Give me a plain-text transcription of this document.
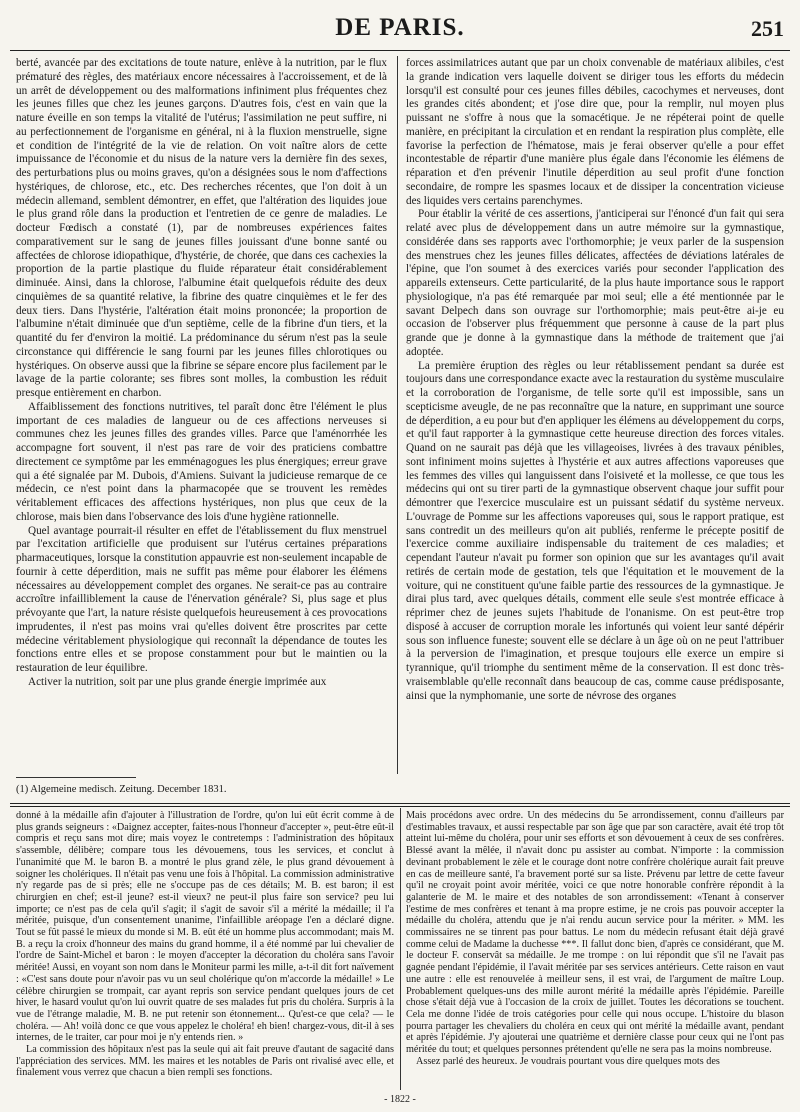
DE PARIS.	251

berté, avancée par des excitations de toute nature, enlève à la nutrition, par le flux prématuré des règles, des matériaux encore nécessaires à l'accroissement, et de là un arrêt de développement ou des malformations infiniment plus fréquentes chez les jeunes filles que chez les jeunes garçons. D'autres fois, c'est en vain que la nature éveille en son temps la vitalité de l'utérus; l'assimilation ne peut suffire, ni au perfectionnement de l'organisme en général, ni à la fluxion menstruelle, signe et condition de l'intégrité de la vie de relation. On voit naître alors de cette impuissance de l'économie et du nisus de la nature vers la dernière fin des sexes, des perturbations plus ou moins graves, qu'on a désignées sous le nom d'affections hystériques, de chlorose, etc., etc. Des recherches récentes, que l'on doit à un médecin allemand, semblent démontrer, en effet, que l'altération des liquides joue le plus grand rôle dans la production et l'entretien de ce genre de maladies. Le docteur Fœdisch a constaté (1), par de nombreuses expériences faites comparativement sur le sang de jeunes filles jouissant d'une bonne santé ou affectées de chlorose idiopathique, d'hystérie, de chorée, que dans ces cachexies la proportion de la partie plastique du fluide réparateur était considérablement diminuée. Ainsi, dans la chlorose, l'albumine était quelquefois réduite des deux cinquièmes de sa quantité relative, la fibrine des quatre cinquièmes et le fer des deux tiers. Dans l'hystérie, l'altération était moins prononcée; la proportion de l'albumine n'était diminuée que d'un septième, celle de la fibrine d'un tiers, et la quantité du fer d'environ la moitié. La prédominance du sérum n'est pas la seule circonstance qui différencie le sang fourni par les jeunes filles chlorotiques ou hystériques. On observe aussi que la fibrine se sépare encore plus facilement par le lavage de la partie colorante; ses fibres sont molles, la combustion les réduit presque entièrement en charbon.

Affaiblissement des fonctions nutritives, tel paraît donc être l'élément le plus important de ces maladies de langueur ou de ces affections nerveuses si communes chez les jeunes filles des grandes villes. Parce que l'aménorrhée les accompagne fort souvent, il n'est pas rare de voir des praticiens combattre directement ce symptôme par les emménagogues les plus énergiques; erreur grave qui a été signalée par M. Dubois, d'Amiens. Suivant la judicieuse remarque de ce médecin, ce n'est point dans la pharmacopée que se trouvent les remèdes véritablement efficaces des affections hystériques, non plus que ceux de la chlorose, mais bien dans l'observance des lois d'une hygiène rationnelle.

Quel avantage pourrait-il résulter en effet de l'établissement du flux menstruel par l'excitation artificielle que produisent sur l'utérus certaines préparations pharmaceutiques, lorsque la constitution appauvrie est non-seulement incapable de fournir à cette déperdition, mais ne suffit pas même pour élaborer les élémens nécessaires au développement complet des organes. Ne serait-ce pas au contraire accroître infailliblement la cause de l'énervation générale? Si, plus sage et plus prévoyante que l'art, la nature résiste quelquefois heureusement à ces provocations imprudentes, il n'est pas moins vrai qu'elles doivent être proscrites par cette médecine véritablement physiologique qui reconnaît la dépendance de toutes les fonctions entre elles et se propose constamment pour but le maintien ou la restauration de leur équilibre.

Activer la nutrition, soit par une plus grande énergie imprimée aux

forces assimilatrices autant que par un choix convenable de matériaux alibiles, c'est la grande indication vers laquelle doivent se diriger tous les efforts du médecin lorsqu'il est consulté pour ces jeunes filles débiles, cacochymes et nerveuses, dont les grandes cités abondent; et j'ose dire que, pour la remplir, nul moyen plus puissant ne s'offre à nous que la somacétique. Je ne répéterai point de quelle manière, en précipitant la circulation et en rendant la respiration plus complète, elle favorise la perfection de l'hématose, mais je ferai observer qu'elle a pour effet incontestable de répartir d'une manière plus égale dans l'économie les élémens de réparation et d'en prévenir l'inutile déperdition au seul profit d'une fonction secondaire, de rompre les spasmes locaux et de dissiper la concentration vicieuse des liquides vers certains parenchymes.

Pour établir la vérité de ces assertions, j'anticiperai sur l'énoncé d'un fait qui sera relaté avec plus de développement dans un autre mémoire sur la gymnastique, considérée dans ses rapports avec l'orthomorphie; je veux parler de la suspension des menstrues chez les jeunes filles délicates, affectées de déviations latérales de l'épine, que l'on soumet à des exercices variés pour seconder l'application des appareils extenseurs. Cette particularité, de la plus haute importance sous le rapport physiologique, n'a pas été remarquée par moi seul; elle a été mentionnée par le savant Delpech dans son ouvrage sur l'orthomorphie; mais peut-être ai-je eu occasion de l'observer plus fréquemment que personne à cause de la part plus grande que je donne à la gymnastique dans la méthode de traitement que j'ai adoptée.

La première éruption des règles ou leur rétablissement pendant sa durée est toujours dans une correspondance exacte avec la restauration du système musculaire et la corroboration de l'organisme, de telle sorte qu'il est impossible, sans un scepticisme aveugle, de ne pas reconnaître que la nature, en supprimant une source de déperdition, a eu pour but d'en appliquer les élémens au développement du corps, et qu'il faut rapporter à la gymnastique cette heureuse direction des forces vitales. Quand on ne saurait pas déjà que les villageoises, livrées à des travaux pénibles, sont infiniment moins sujettes à l'hystérie et aux autres affections vaporeuses que les femmes des villes qui languissent dans l'oisiveté et la mollesse, ce que tous les médecins qui ont su tirer parti de la gymnastique observent chaque jour suffit pour démontrer que l'exercice musculaire est un puissant sédatif du système nerveux. L'ouvrage de Pomme sur les affections vaporeuses qui, sous le rapport pratique, est sans contredit un des meilleurs qu'on ait publiés, renferme le précepte positif de l'exercice comme auxiliaire indispensable du traitement de ces maladies; et cependant l'auteur n'avait pu former son opinion que sur les avantages qu'il avait retirés de certain mode de gestation, tels que l'équitation et le mouvement de la voiture, qui ne constituent qu'une faible partie des ressources de la gymnastique. Je dirai plus tard, avec quelques détails, comment elle seule s'est montrée efficace à réprimer chez de jeunes sujets l'habitude de l'onanisme. On est peut-être trop disposé à accuser de corruption morale les infortunés qui voient leur santé dépérir sous son influence funeste; souvent elle se déclare à un âge où on ne peut l'attribuer à la perversion de l'imagination, et presque toujours elle exerce un empire si tyrannique, qu'il triomphe du sentiment même de la conservation. Il est donc très-vraisemblable qu'elle reconnaît dans beaucoup de cas, comme cause prédisposante, ainsi que la nymphomanie, une sorte de névrose des organes

(1) Algemeine medisch. Zeitung. December 1831.

donné à la médaille afin d'ajouter à l'illustration de l'ordre, qu'on lui eût écrit comme à de plus grands seigneurs : «Daignez accepter, faites-nous l'honneur d'accepter », peut-être eût-il compris et reçu sans mot dire; mais voyez le contretemps : l'administration des hôpitaux s'assemble, délibère; compare tous les dévouemens, tous les services, et conclut à l'unanimité que M. le baron B. a montré le plus grand zèle, le plus grand dévouement à soigner les cholériques. Il n'était pas venu une fois à l'hôpital. La commission administrative n'y regarde pas de si près; elle ne s'occupe pas de ces détails; M. B. est baron; il est chirurgien en chef; est-il jeune? est-il vieux? ne peut-il plus faire son service? peu lui importe; ce n'est pas de cela qu'il s'agit; il s'agit de savoir s'il a mérité la médaille; il l'a méritée, puisque, d'un consentement unanime, l'infaillible aréopage l'en a déclaré digne. Tout se fût passé le mieux du monde si M. B. eût été un homme plus accommodant; mais M. B. a reçu la croix d'honneur des mains du grand homme, il a été nommé par lui chevalier de l'ordre de Saint-Michel et baron : le moyen d'accepter la décoration du choléra sans l'avoir méritée! Aussi, en voyant son nom dans le Moniteur parmi les mille, a-t-il dit fort naïvement : «C'est sans doute pour n'avoir pas vu un seul cholérique qu'on m'accorde la médaille! » Le célèbre chirurgien se trompait, car ayant repris son service pendant quelques jours de cet hiver, le hasard voulut qu'on lui ouvrit quatre de ses malades fut pris du choléra. Surpris à la vue de l'étrange maladie, M. B. ne put retenir son étonnement... Qu'est-ce que cela? — le choléra. — Ah! voilà donc ce que vous appelez le choléra! eh bien! chargez-vous, dit-il à ses internes, de le traiter, car pour moi je n'y entends rien. »

La commission des hôpitaux n'est pas la seule qui ait fait preuve d'autant de sagacité dans l'appréciation des services. MM. les maires et les notables de Paris ont rivalisé avec elle, et finalement vous verrez que chacun a bien rempli ses fonctions.

Mais procédons avec ordre. Un des médecins du 5e arrondissement, connu d'ailleurs par d'estimables travaux, et aussi respectable par son âge que par son caractère, avait été trop tôt atteint lui-même du choléra, pour unir ses efforts et son dévouement à ceux de ses confrères. Blessé avant la mêlée, il n'avait donc pu assister au combat. N'importe : la commission devinant probablement le zèle et le courage dont notre confrère cholérique aurait fait preuve en cas de meilleure santé, l'a bravement porté sur sa liste. Prévenu par lettre de cette faveur qu'il ne croyait point avoir méritée, voici ce que notre honorable confrère répondit à la galanterie de M. le maire et des notables de son arrondissement: «Tenant à conserver l'estime de mes confrères et tenant à ma propre estime, je ne crois pas pouvoir accepter la médaille du choléra, attendu que je n'ai rendu aucun service pour la mériter. » MM. les commissaires ne se tinrent pas pour battus. Le nom du médecin refusant était déjà gravé comme celui de Madame la duchesse ***. Il fallut donc bien, d'après ce considérant, que M. le docteur F. conservât sa médaille. Je me trompe : on lui répondit que s'il ne l'avait pas gagnée pendant l'épidémie, il l'avait méritée par ses services antérieurs. Cette raison en vaut une autre : elle est renouvelée à meilleur sens, il est vrai, de l'argument de maître Loup. Probablement quelques-uns des mille auront mérité la médaille après l'épidémie. Pareille chose s'était déjà vue à l'occasion de la croix de juillet. Toutes les décorations se touchent. Cela me donne l'idée de trois catégories pour celle qui nous occupe. L'histoire du blason pourra partager les chevaliers du choléra en ceux qui ont mérité la médaille avant, pendant et après l'épidémie. J'y ajouterai une quatrième et dernière classe pour ceux qui ne l'ont pas méritée du tout; et quelques personnes prétendent qu'elle ne sera pas la moins nombreuse.

Assez parlé des heureux. Je voudrais pourtant vous dire quelques mots des

- 1822 -
